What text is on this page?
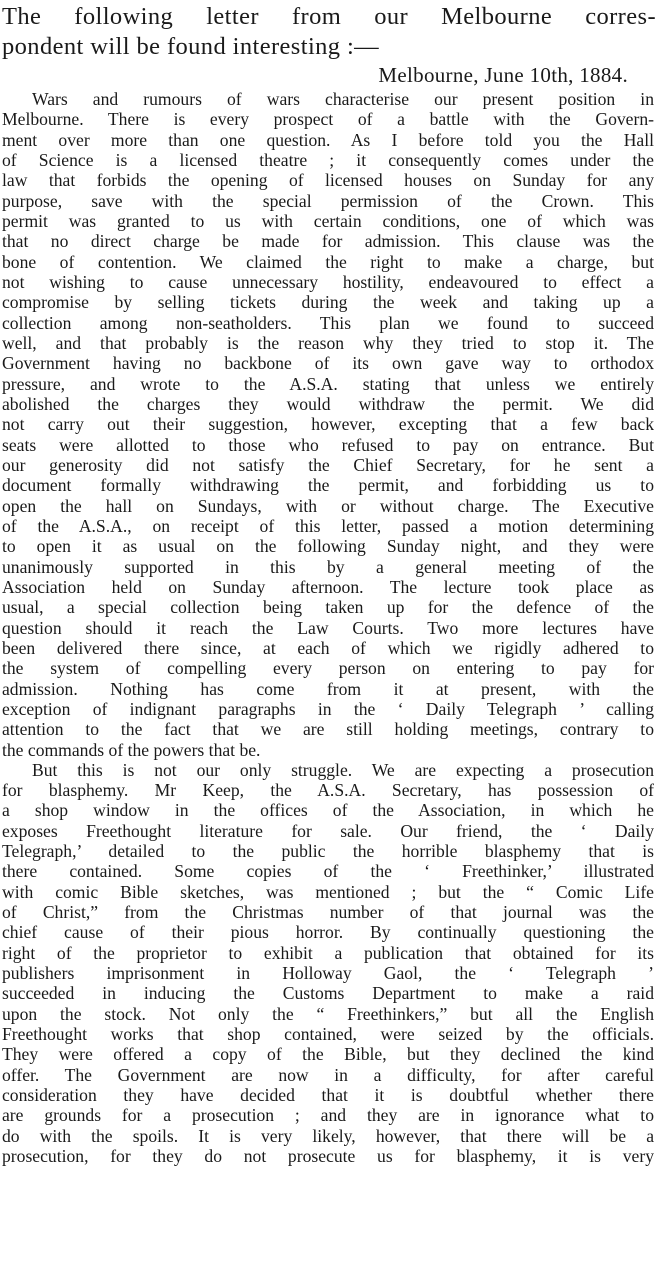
The following letter from our Melbourne corres-
pondent will be found interesting :—
Melbourne, June 10th, 1884.
Wars and rumours of wars characterise our present position in
Melbourne. There is every prospect of a battle with the Govern-
ment over more than one question. As I before told you the Hall
of Science is a licensed theatre ; it consequently comes under the
law that forbids the opening of licensed houses on Sunday for any
purpose, save with the special permission of the Crown. This
permit was granted to us with certain conditions, one of which was
that no direct charge be made for admission. This clause was the
bone of contention. We claimed the right to make a charge, but
not wishing to cause unnecessary hostility, endeavoured to effect a
compromise by selling tickets during the week and taking up a
collection among non-seatholders. This plan we found to succeed
well, and that probably is the reason why they tried to stop it. The
Government having no backbone of its own gave way to orthodox
pressure, and wrote to the A.S.A. stating that unless we entirely
abolished the charges they would withdraw the permit. We did
not carry out their suggestion, however, excepting that a few back
seats were allotted to those who refused to pay on entrance. But
our generosity did not satisfy the Chief Secretary, for he sent a
document formally withdrawing the permit, and forbidding us to
open the hall on Sundays, with or without charge. The Executive
of the A.S.A., on receipt of this letter, passed a motion determining
to open it as usual on the following Sunday night, and they were
unanimously supported in this by a general meeting of the
Association held on Sunday afternoon. The lecture took place as
usual, a special collection being taken up for the defence of the
question should it reach the Law Courts. Two more lectures have
been delivered there since, at each of which we rigidly adhered to
the system of compelling every person on entering to pay for
admission. Nothing has come from it at present, with the
exception of indignant paragraphs in the ‘ Daily Telegraph ’ calling
attention to the fact that we are still holding meetings, contrary to
the commands of the powers that be.
But this is not our only struggle. We are expecting a prosecution
for blasphemy. Mr Keep, the A.S.A. Secretary, has possession of
a shop window in the offices of the Association, in which he
exposes Freethought literature for sale. Our friend, the ‘ Daily
Telegraph,’ detailed to the public the horrible blasphemy that is
there contained. Some copies of the ‘ Freethinker,’ illustrated
with comic Bible sketches, was mentioned ; but the “ Comic Life
of Christ,” from the Christmas number of that journal was the
chief cause of their pious horror. By continually questioning the
right of the proprietor to exhibit a publication that obtained for its
publishers imprisonment in Holloway Gaol, the ‘ Telegraph ’
succeeded in inducing the Customs Department to make a raid
upon the stock. Not only the “ Freethinkers,” but all the English
Freethought works that shop contained, were seized by the officials.
They were offered a copy of the Bible, but they declined the kind
offer. The Government are now in a difficulty, for after careful
consideration they have decided that it is doubtful whether there
are grounds for a prosecution ; and they are in ignorance what to
do with the spoils. It is very likely, however, that there will be a
prosecution, for they do not prosecute us for blasphemy, it is very
